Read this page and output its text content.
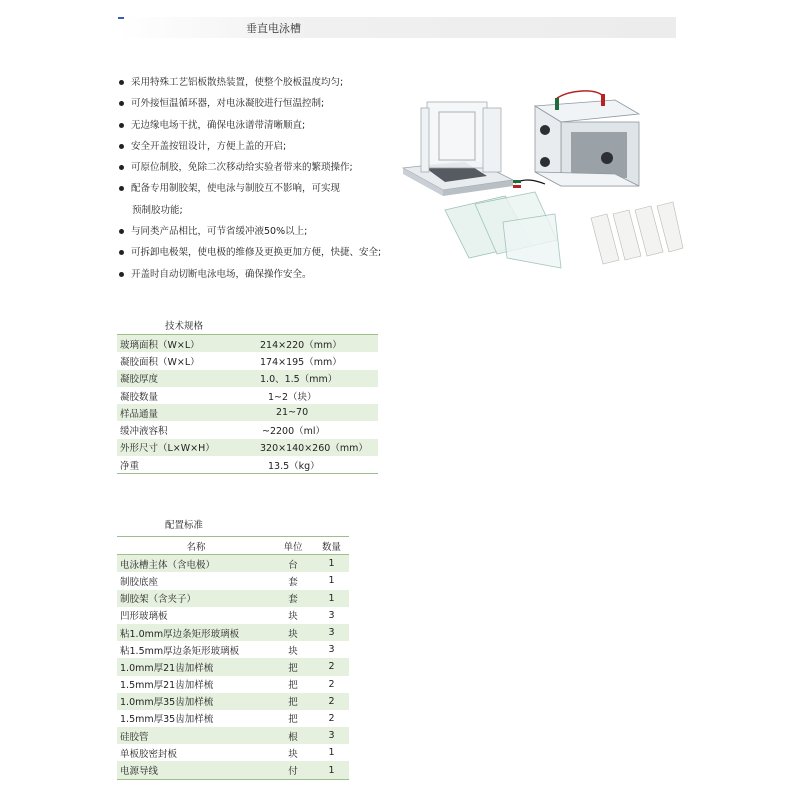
垂直电泳槽
采用特殊工艺铝板散热装置，使整个胶板温度均匀;
可外接恒温循环器，对电泳凝胶进行恒温控制;
无边缘电场干扰，确保电泳谱带清晰顺直;
安全开盖按钮设计，方便上盖的开启;
可原位制胶，免除二次移动给实验者带来的繁琐操作;
配备专用制胶架，使电泳与制胶互不影响，可实现
预制胶功能;
与同类产品相比，可节省缓冲液50%以上;
可拆卸电极架，使电极的维修及更换更加方便，快捷、安全;
开盖时自动切断电泳电场，确保操作安全。
技术规格
玻璃面积（W×L）	214×220（mm）
凝胶面积（W×L）	174×195（mm）
凝胶厚度	1.0、1.5（mm）
凝胶数量	1~2（块）
样品通量	21~70
缓冲液容积	~2200（ml）
外形尺寸（L×W×H）	320×140×260（mm）
净重	13.5（kg）
配置标准
名称	单位	数量
电泳槽主体（含电极）	台	1
制胶底座	套	1
制胶架（含夹子）	套	1
凹形玻璃板	块	3
粘1.0mm厚边条矩形玻璃板	块	3
粘1.5mm厚边条矩形玻璃板	块	3
1.0mm厚21齿加样梳	把	2
1.5mm厚21齿加样梳	把	2
1.0mm厚35齿加样梳	把	2
1.5mm厚35齿加样梳	把	2
硅胶管	根	3
单板胶密封板	块	1
电源导线	付	1
